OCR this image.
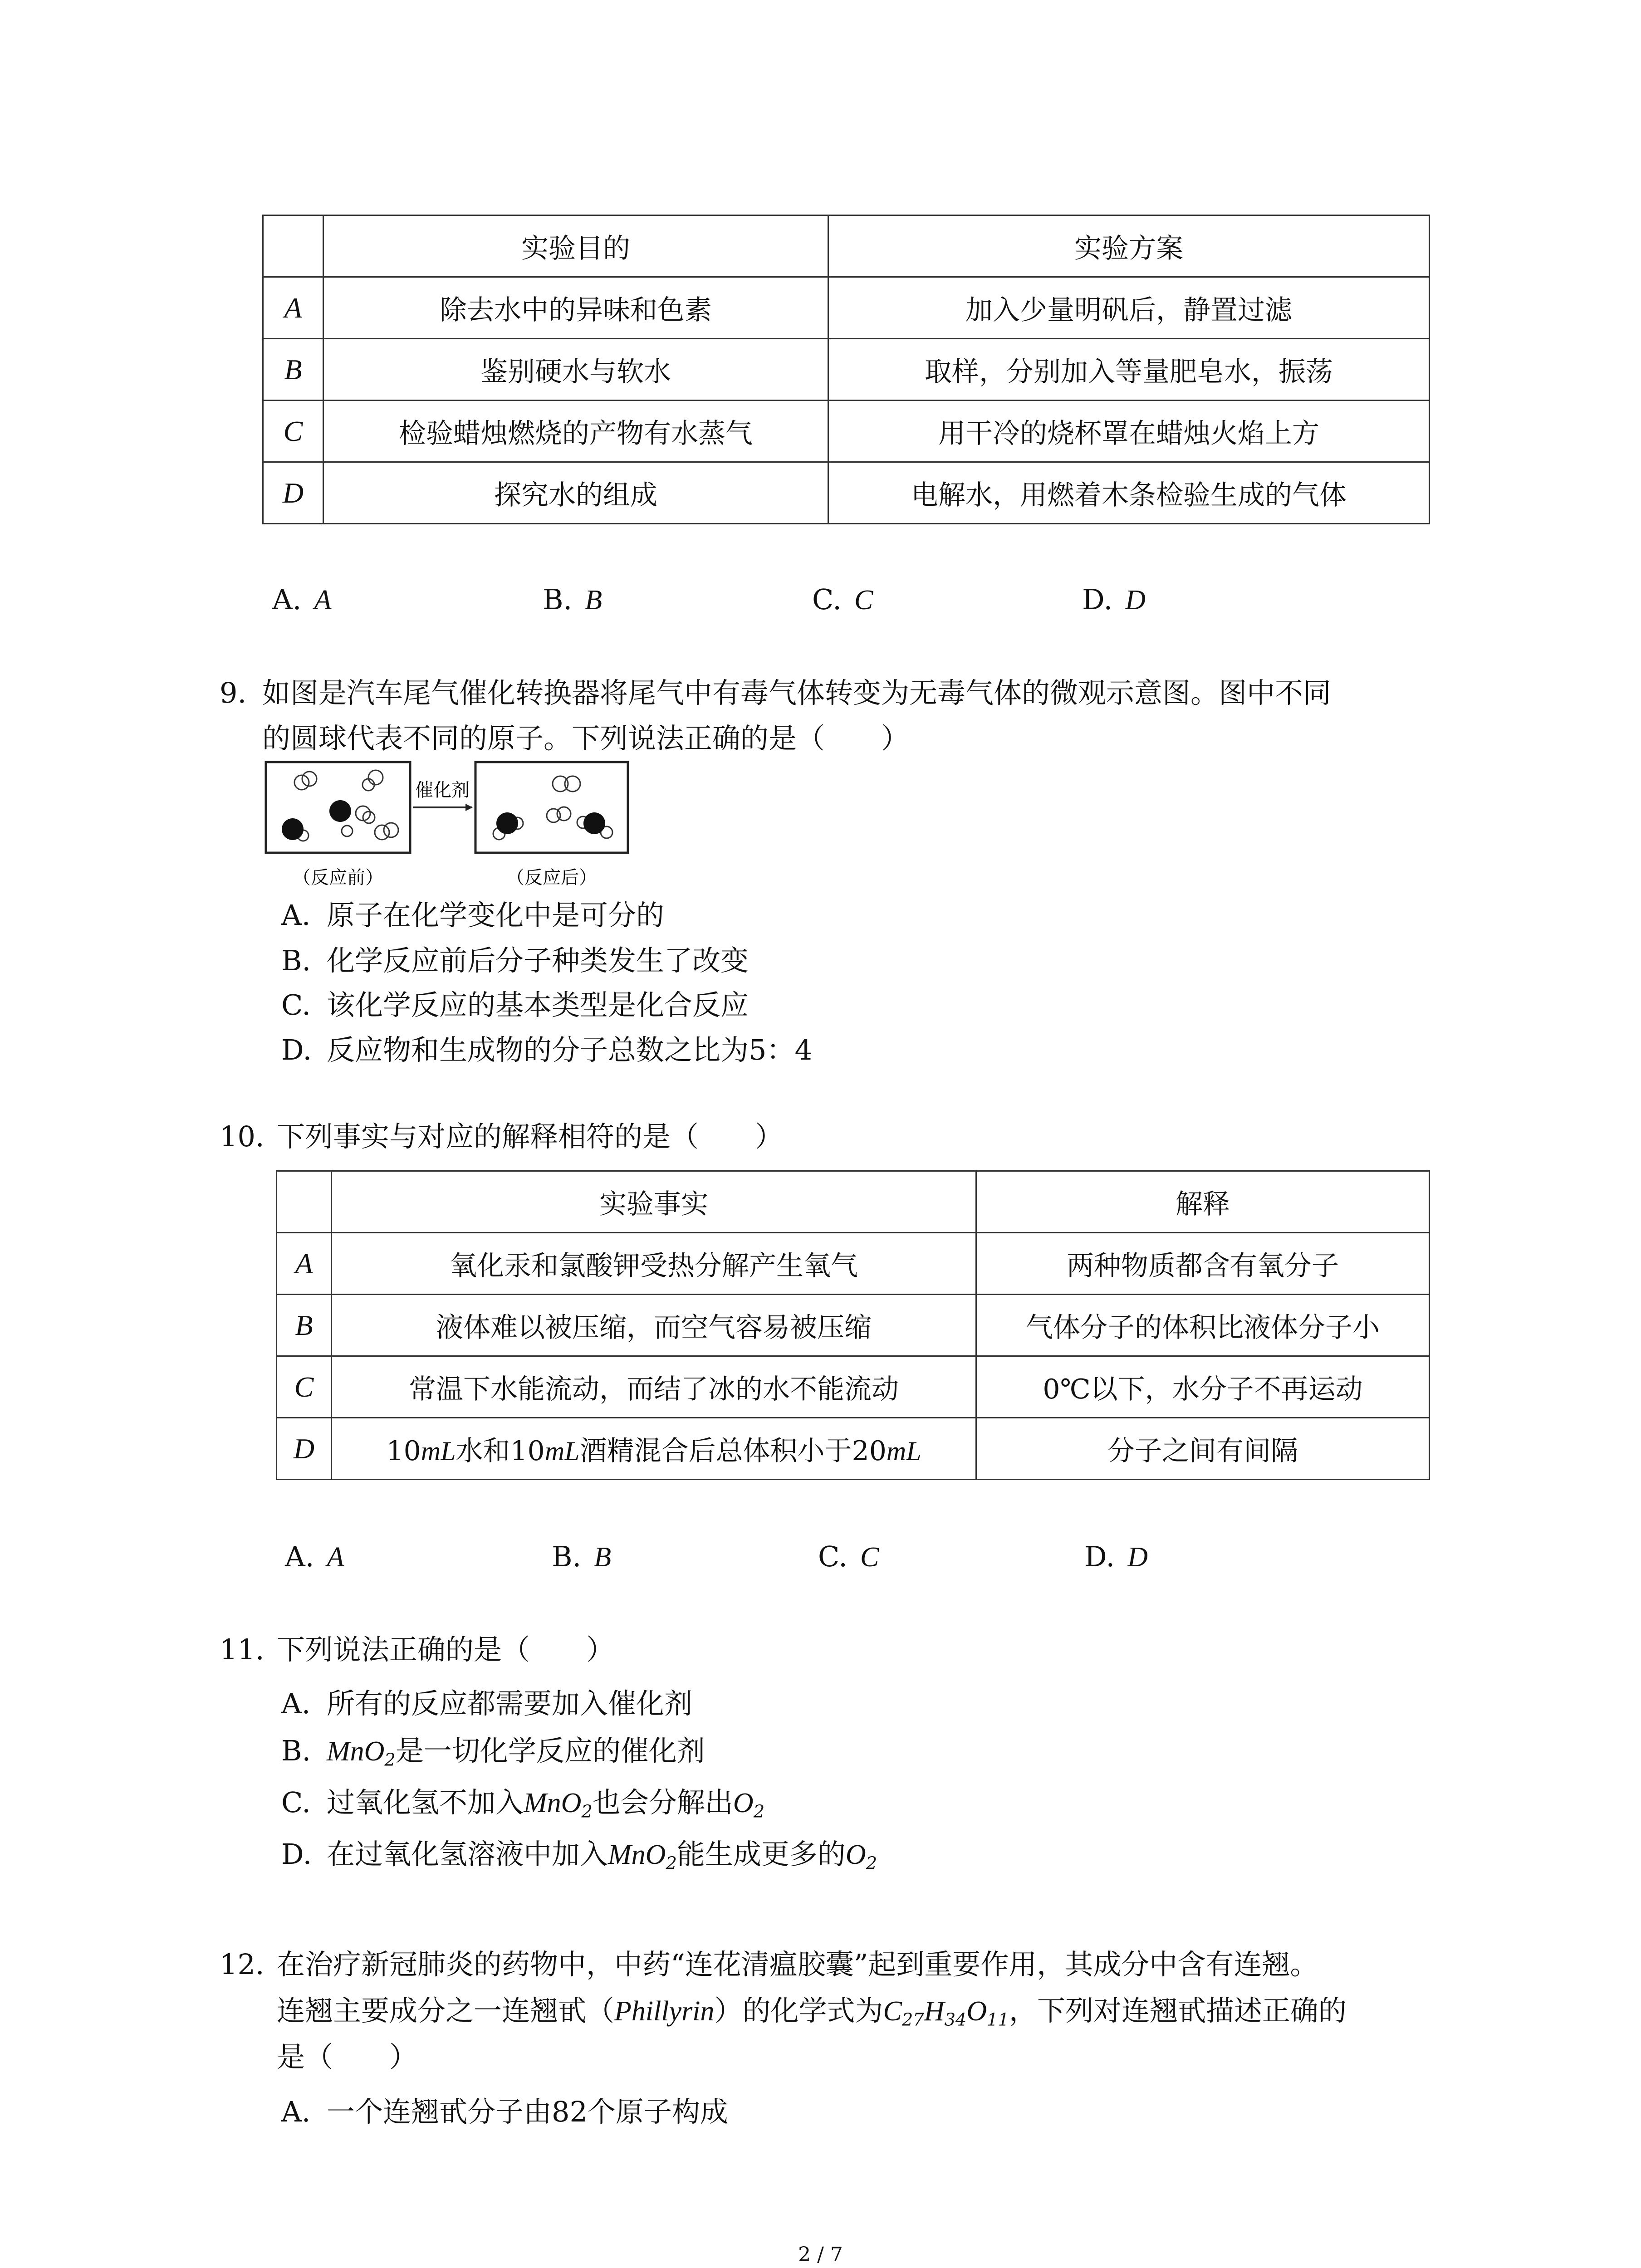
	实验目的	实验方案
A	除去水中的异味和色素	加入少量明矾后，静置过滤
B	鉴别硬水与软水	取样，分别加入等量肥皂水，振荡
C	检验蜡烛燃烧的产物有水蒸气	用干冷的烧杯罩在蜡烛火焰上方
D	探究水的组成	电解水，用燃着木条检验生成的气体
A. A	B. B	C. C	D. D
9. 如图是汽车尾气催化转换器将尾气中有毒气体转变为无毒气体的微观示意图。图中不同
的圆球代表不同的原子。下列说法正确的是（　　）
催化剂
（反应前）	（反应后）
A. 原子在化学变化中是可分的
B. 化学反应前后分子种类发生了改变
C. 该化学反应的基本类型是化合反应
D. 反应物和生成物的分子总数之比为5：4
10. 下列事实与对应的解释相符的是（　　）
	实验事实	解释
A	氧化汞和氯酸钾受热分解产生氧气	两种物质都含有氧分子
B	液体难以被压缩，而空气容易被压缩	气体分子的体积比液体分子小
C	常温下水能流动，而结了冰的水不能流动	0℃以下，水分子不再运动
D	10mL水和10mL酒精混合后总体积小于20mL	分子之间有间隔
A. A	B. B	C. C	D. D
11. 下列说法正确的是（　　）
A. 所有的反应都需要加入催化剂
B. MnO$_2$是一切化学反应的催化剂
C. 过氧化氢不加入MnO$_2$也会分解出$O_2$
D. 在过氧化氢溶液中加入MnO$_2$能生成更多的$O_2$
12. 在治疗新冠肺炎的药物中，中药“连花清瘟胶囊”起到重要作用，其成分中含有连翘。
连翘主要成分之一连翘甙（Phillyrin）的化学式为$C_{27}H_{34}O_{11}$，下列对连翘甙描述正确的
是（　　）
A. 一个连翘甙分子由82个原子构成
2 / 7
